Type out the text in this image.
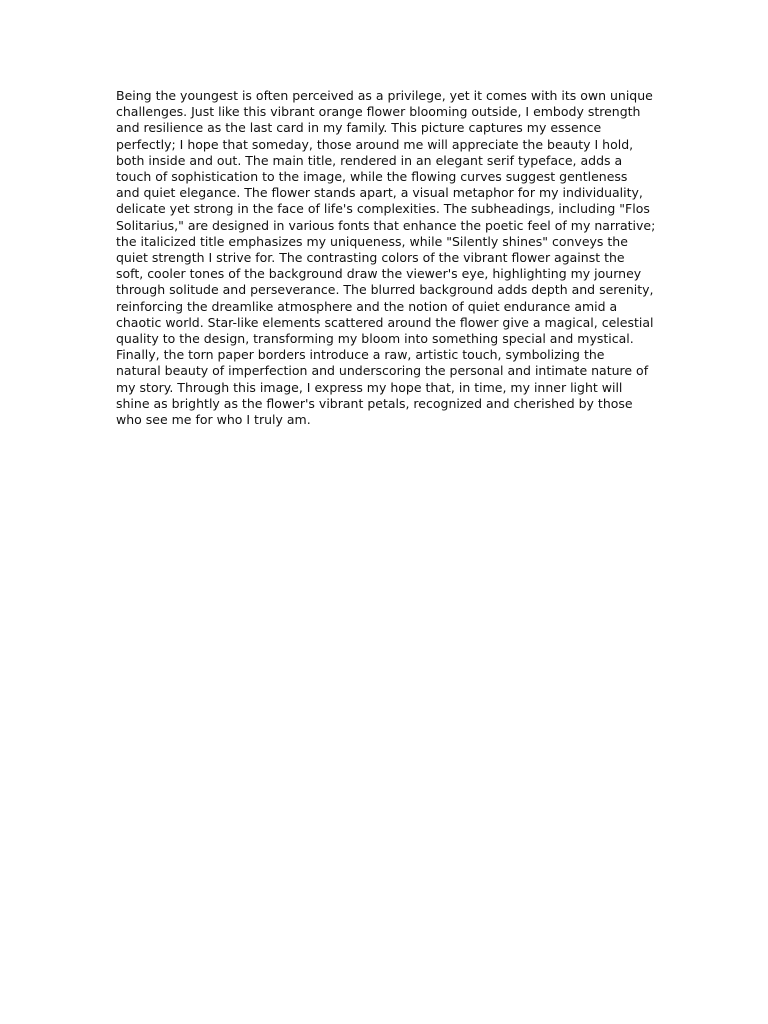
Being the youngest is often perceived as a privilege, yet it comes with its own unique
challenges. Just like this vibrant orange flower blooming outside, I embody strength
and resilience as the last card in my family. This picture captures my essence
perfectly; I hope that someday, those around me will appreciate the beauty I hold,
both inside and out. The main title, rendered in an elegant serif typeface, adds a
touch of sophistication to the image, while the flowing curves suggest gentleness
and quiet elegance. The flower stands apart, a visual metaphor for my individuality,
delicate yet strong in the face of life's complexities. The subheadings, including "Flos
Solitarius," are designed in various fonts that enhance the poetic feel of my narrative;
the italicized title emphasizes my uniqueness, while "Silently shines" conveys the
quiet strength I strive for. The contrasting colors of the vibrant flower against the
soft, cooler tones of the background draw the viewer's eye, highlighting my journey
through solitude and perseverance. The blurred background adds depth and serenity,
reinforcing the dreamlike atmosphere and the notion of quiet endurance amid a
chaotic world. Star-like elements scattered around the flower give a magical, celestial
quality to the design, transforming my bloom into something special and mystical.
Finally, the torn paper borders introduce a raw, artistic touch, symbolizing the
natural beauty of imperfection and underscoring the personal and intimate nature of
my story. Through this image, I express my hope that, in time, my inner light will
shine as brightly as the flower's vibrant petals, recognized and cherished by those
who see me for who I truly am.
